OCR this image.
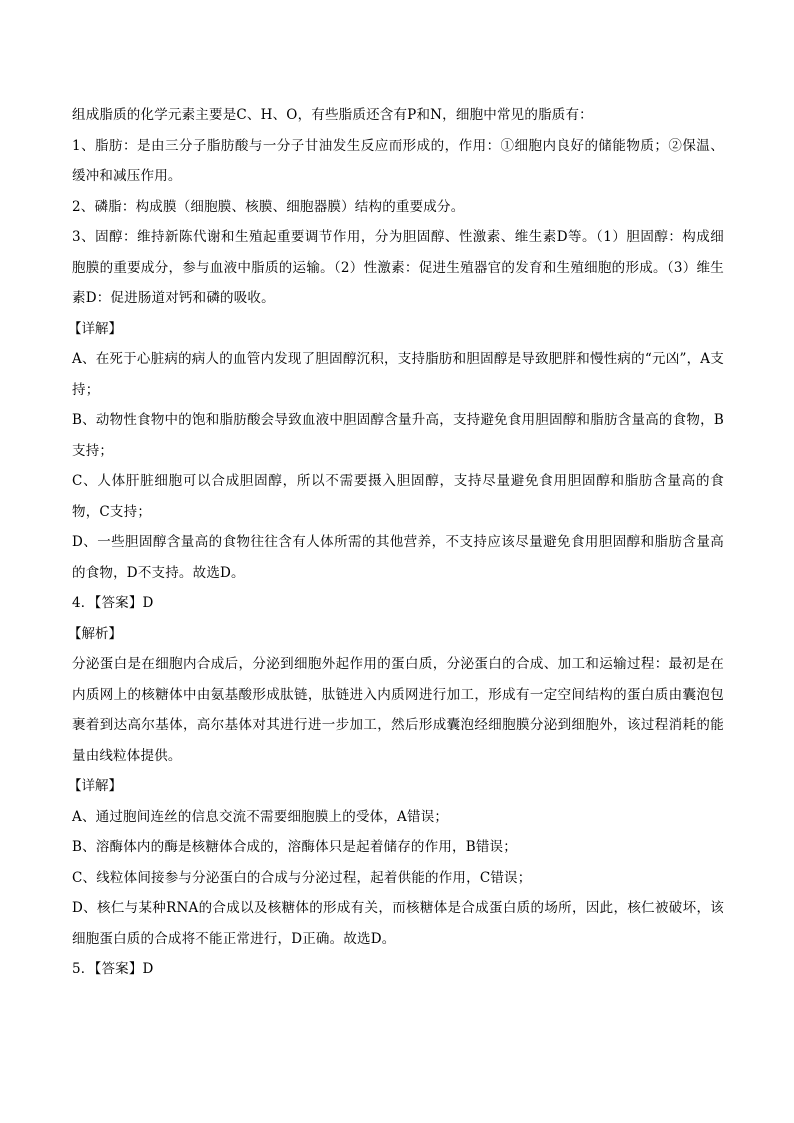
组成脂质的化学元素主要是C、H、O，有些脂质还含有P和N，细胞中常见的脂质有：

1、脂肪：是由三分子脂肪酸与一分子甘油发生反应而形成的，作用：①细胞内良好的储能物质；②保温、缓冲和减压作用。

2、磷脂：构成膜（细胞膜、核膜、细胞器膜）结构的重要成分。

3、固醇：维持新陈代谢和生殖起重要调节作用，分为胆固醇、性激素、维生素D等。（1）胆固醇：构成细胞膜的重要成分，参与血液中脂质的运输。（2）性激素：促进生殖器官的发育和生殖细胞的形成。（3）维生素D：促进肠道对钙和磷的吸收。

【详解】

A、在死于心脏病的病人的血管内发现了胆固醇沉积，支持脂肪和胆固醇是导致肥胖和慢性病的“元凶”，A支持；

B、动物性食物中的饱和脂肪酸会导致血液中胆固醇含量升高，支持避免食用胆固醇和脂肪含量高的食物，B支持；

C、人体肝脏细胞可以合成胆固醇，所以不需要摄入胆固醇，支持尽量避免食用胆固醇和脂肪含量高的食物，C支持；

D、一些胆固醇含量高的食物往往含有人体所需的其他营养，不支持应该尽量避免食用胆固醇和脂肪含量高的食物，D不支持。故选D。

4．【答案】D

【解析】

分泌蛋白是在细胞内合成后，分泌到细胞外起作用的蛋白质，分泌蛋白的合成、加工和运输过程：最初是在内质网上的核糖体中由氨基酸形成肽链，肽链进入内质网进行加工，形成有一定空间结构的蛋白质由囊泡包裹着到达高尔基体，高尔基体对其进行进一步加工，然后形成囊泡经细胞膜分泌到细胞外，该过程消耗的能量由线粒体提供。

【详解】

A、通过胞间连丝的信息交流不需要细胞膜上的受体，A错误；

B、溶酶体内的酶是核糖体合成的，溶酶体只是起着储存的作用，B错误；

C、线粒体间接参与分泌蛋白的合成与分泌过程，起着供能的作用，C错误；

D、核仁与某种RNA的合成以及核糖体的形成有关，而核糖体是合成蛋白质的场所，因此，核仁被破坏，该细胞蛋白质的合成将不能正常进行，D正确。故选D。

5．【答案】D
